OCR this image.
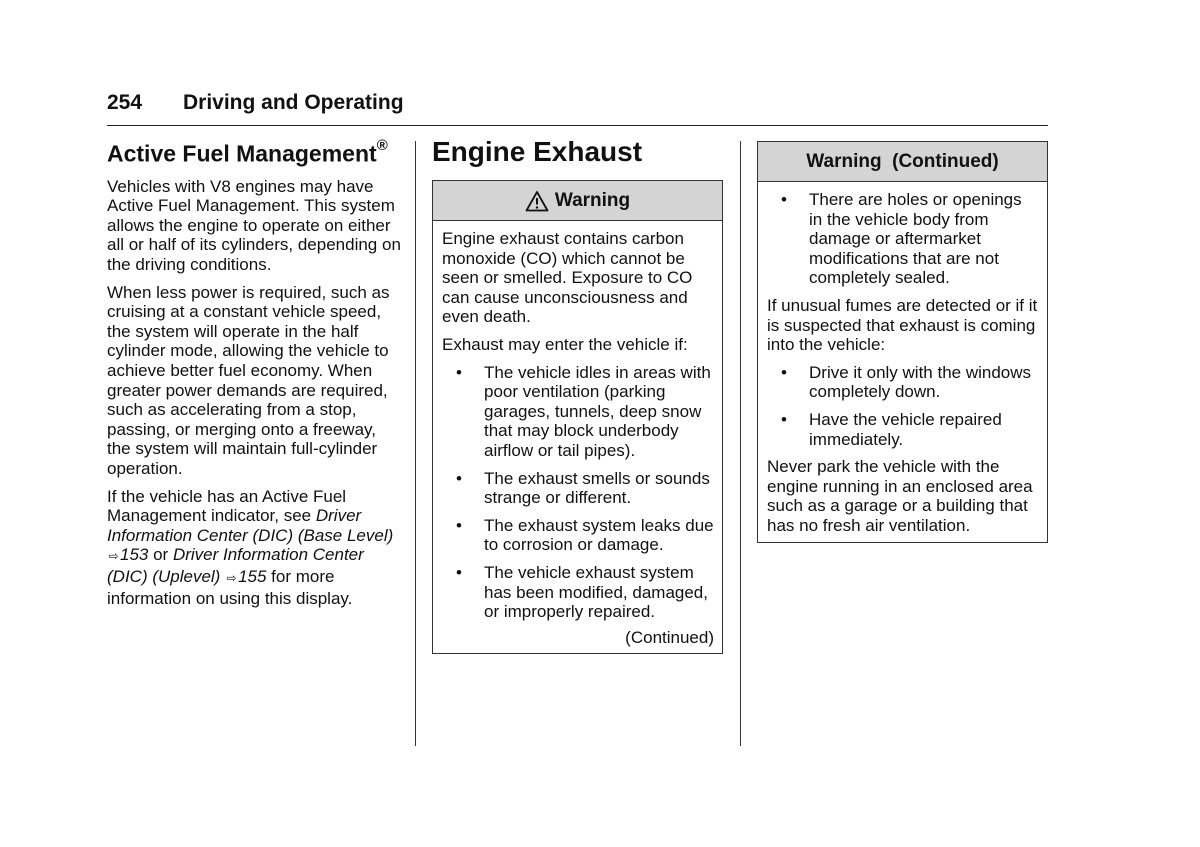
254 Driving and Operating
Active Fuel Management®

Vehicles with V8 engines may have Active Fuel Management. This system allows the engine to operate on either all or half of its cylinders, depending on the driving conditions.

When less power is required, such as cruising at a constant vehicle speed, the system will operate in the half cylinder mode, allowing the vehicle to achieve better fuel economy. When greater power demands are required, such as accelerating from a stop, passing, or merging onto a freeway, the system will maintain full-cylinder operation.

If the vehicle has an Active Fuel Management indicator, see Driver Information Center (DIC) (Base Level) ⇨153 or Driver Information Center (DIC) (Uplevel) ⇨155 for more information on using this display.

Engine Exhaust
Warning

Engine exhaust contains carbon monoxide (CO) which cannot be seen or smelled. Exposure to CO can cause unconsciousness and even death.

Exhaust may enter the vehicle if:

•	The vehicle idles in areas with poor ventilation (parking garages, tunnels, deep snow that may block underbody airflow or tail pipes).
•	The exhaust smells or sounds strange or different.
•	The exhaust system leaks due to corrosion or damage.
•	The vehicle exhaust system has been modified, damaged, or improperly repaired.
(Continued)
Warning  (Continued)
•	There are holes or openings in the vehicle body from damage or aftermarket modifications that are not completely sealed.

If unusual fumes are detected or if it is suspected that exhaust is coming into the vehicle:

•	Drive it only with the windows completely down.
•	Have the vehicle repaired immediately.

Never park the vehicle with the engine running in an enclosed area such as a garage or a building that has no fresh air ventilation.
